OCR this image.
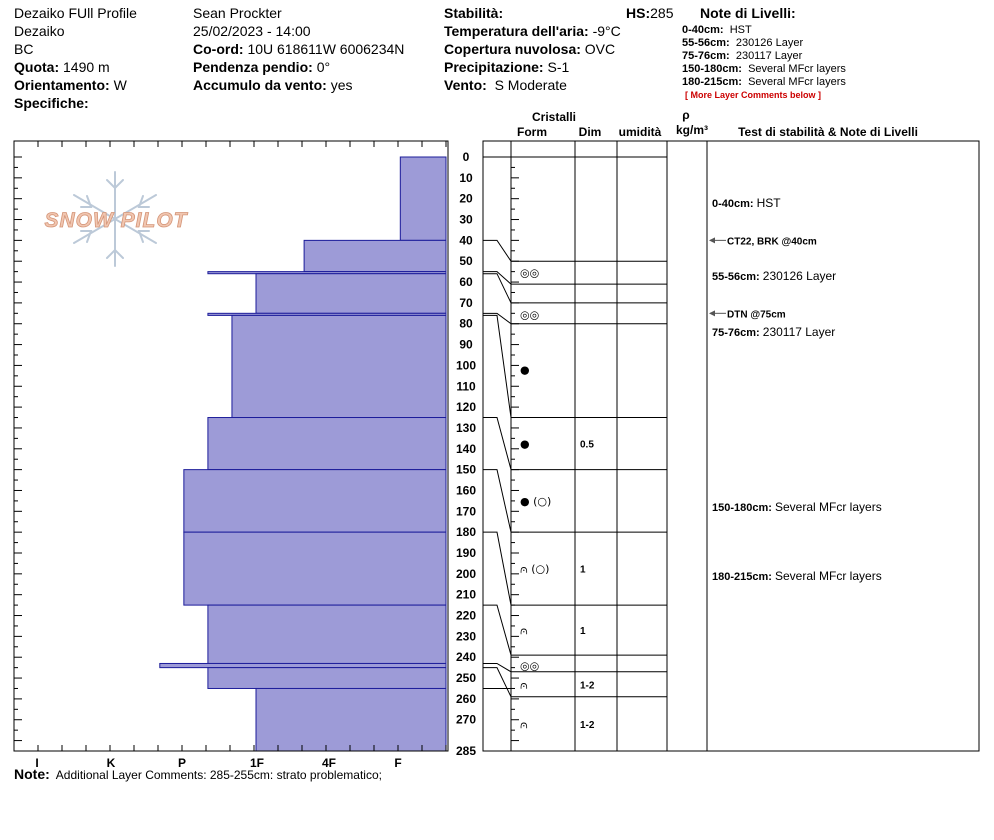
Dezaiko FUll Profile
Dezaiko
BC
Quota: 1490 m
Orientamento: W
Specifiche:
Sean Prockter
25/02/2023 - 14:00
Co-ord: 10U 618611W 6006234N
Pendenza pendio: 0°
Accumulo da vento: yes
Stabilità:
Temperatura dell'aria: -9°C
Copertura nuvolosa: OVC
Precipitazione: S-1
Vento: S Moderate
HS:285 Note di Livelli:
0-40cm: HST
55-56cm: 230126 Layer
75-76cm: 230117 Layer
150-180cm: Several MFcr layers
180-215cm: Several MFcr layers
[ More Layer Comments below ]
SNOW PILOT
I	K	P	1F	4F	F
0
10
20
30
40
50
60
70
80
90
100
110
120
130
140
150
160
170
180
190
200
210
220
230
240
250
260
270
285
◎◎
◎◎
●
●	0.5
● (○)
⩀ (○)	1
⩀	1
◎◎
⩀	1-2
⩀	1-2
CT22, BRK @40cm
DTN @75cm
0-40cm: HST
55-56cm: 230126 Layer
75-76cm: 230117 Layer
150-180cm: Several MFcr layers
180-215cm: Several MFcr layers
Cristalli
Form	Dim umidità
ρ
kg/m³	Test di stabilità & Note di Livelli
Note: Additional Layer Comments: 285-255cm: strato problematico;
